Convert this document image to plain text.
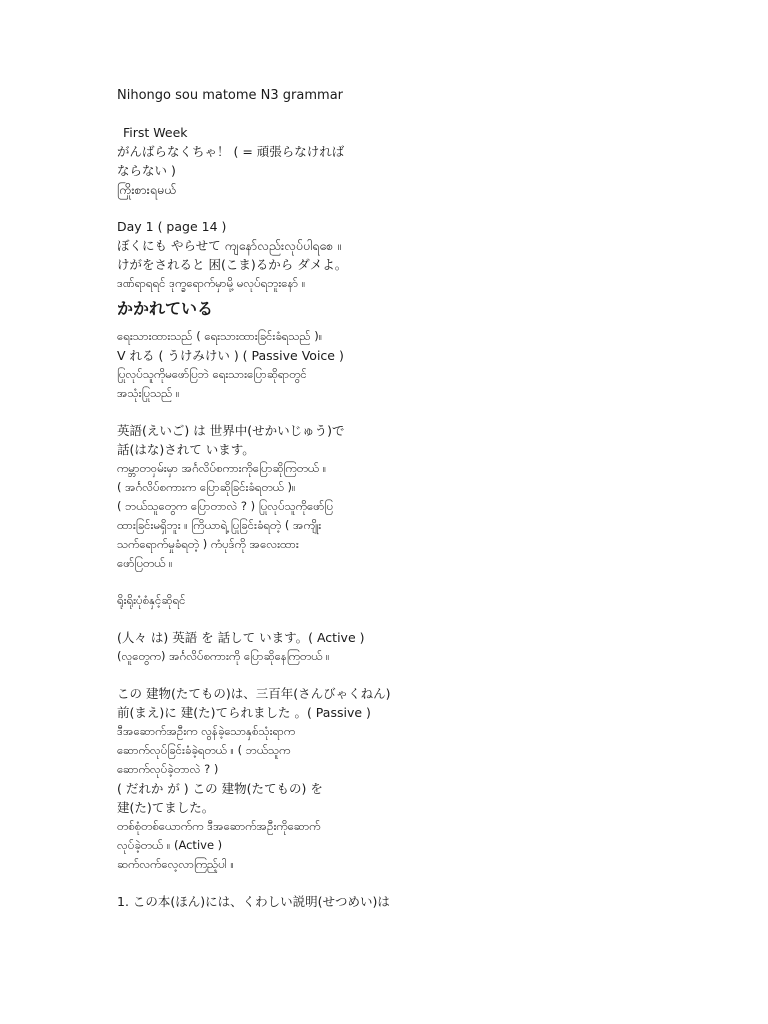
Nihongo sou matome N3 grammar
First Week
がんばらなくちゃ！ ( = 頑張らなければ
ならない )
ကြိုးစားရမယ်
Day 1 ( page 14 )
ぼくにも やらせて ကျနော်လည်းလုပ်ပါရစေ ။
けがをされると 困(こま)るから ダメよ。
ဒဏ်ရာရရင် ဒုက္ခရောက်မှာမို့ မလုပ်ရဘူးနော် ။
かかれている
ရေးသားထားသည် ( ရေးသားထားခြင်းခံရသည် )။
V れる ( うけみけい ) ( Passive Voice )
ပြုလုပ်သူကိုမဖော်ပြဘဲ ရေးသားပြောဆိုရာတွင်
အသုံးပြုသည် ။
英語(えいご) は 世界中(せかいじゅう)で
話(はな)されて います。
ကမ္ဘာတဝှမ်းမှာ အင်္ဂလိပ်စကားကိုပြောဆိုကြတယ် ။
( အင်္ဂလိပ်စကားက ပြောဆိုခြင်းခံရတယ် )။
( ဘယ်သူတွေက ပြောတာလဲ ? ) ပြုလုပ်သူကိုဖော်ပြ
ထားခြင်းမရှိဘူး ။ ကြိယာရဲ့ ပြုခြင်းခံရတဲ့ ( အကျိုး
သက်ရောက်မှုခံရတဲ့ ) ကံပုဒ်ကို အလေးထား
ဖော်ပြတယ် ။
ရိုးရိုးပုံစံနှင့်ဆိုရင်
(人々 は) 英語 を 話して います。( Active )
(လူတွေက) အင်္ဂလိပ်စကားကို ပြောဆိုနေကြတယ် ။
この 建物(たてもの)は、三百年(さんびゃくねん)
前(まえ)に 建(た)てられました 。( Passive )
ဒီအဆောက်အဦးက လွန်ခဲ့သောနှစ်သုံးရာက
ဆောက်လုပ်ခြင်းခံခဲ့ရတယ် ။ ( ဘယ်သူက
ဆောက်လုပ်ခဲ့တာလဲ ? )
( だれか が ) この 建物(たてもの) を
建(た)てました。
တစ်စုံတစ်ယောက်က ဒီအဆောက်အဦးကိုဆောက်
လုပ်ခဲ့တယ် ။ (Active )
ဆက်လက်လေ့လာကြည့်ပါ ။
1. この本(ほん)には、くわしい説明(せつめい)は
